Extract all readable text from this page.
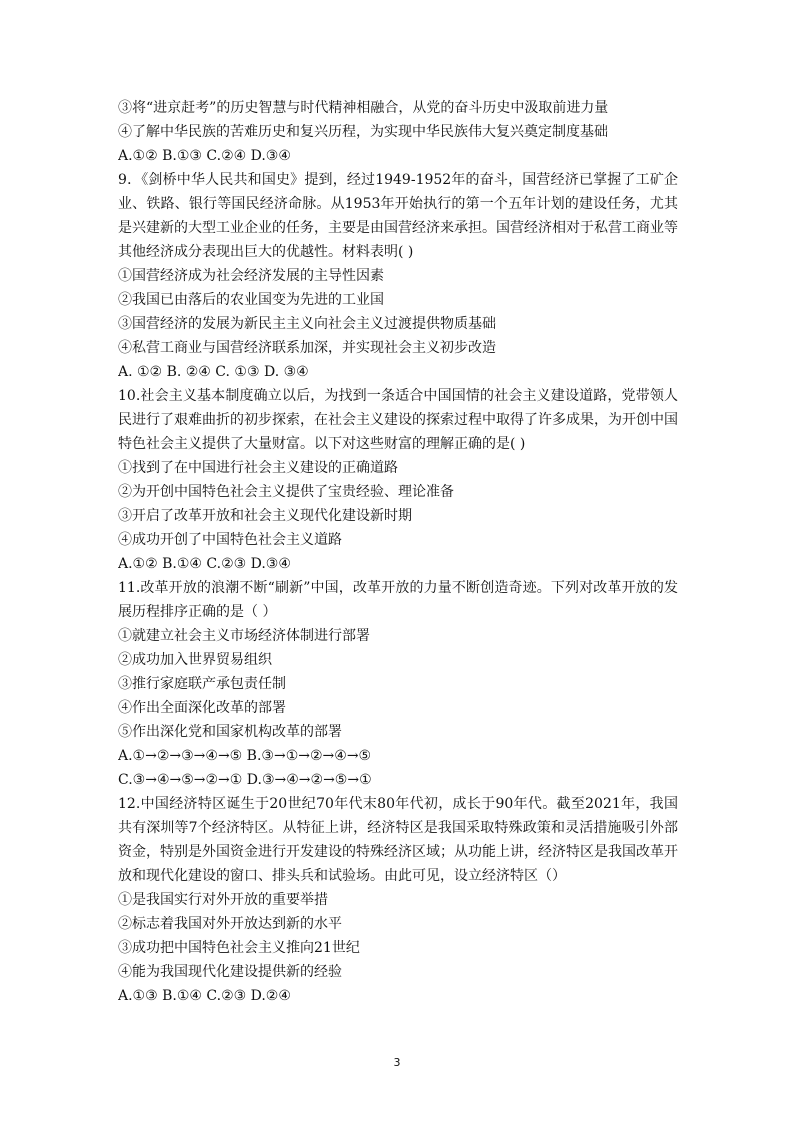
③将“进京赶考”的历史智慧与时代精神相融合，从党的奋斗历史中汲取前进力量
④了解中华民族的苦难历史和复兴历程，为实现中华民族伟大复兴奠定制度基础
A.①② B.①③ C.②④ D.③④
9．《剑桥中华人民共和国史》提到，经过1949-1952年的奋斗，国营经济已掌握了工矿企业、铁路、银行等国民经济命脉。从1953年开始执行的第一个五年计划的建设任务，尤其是兴建新的大型工业企业的任务，主要是由国营经济来承担。国营经济相对于私营工商业等其他经济成分表现出巨大的优越性。材料表明( )
①国营经济成为社会经济发展的主导性因素
②我国已由落后的农业国变为先进的工业国
③国营经济的发展为新民主主义向社会主义过渡提供物质基础
④私营工商业与国营经济联系加深，并实现社会主义初步改造
A. ①② B. ②④ C. ①③ D. ③④
10.社会主义基本制度确立以后，为找到一条适合中国国情的社会主义建设道路，党带领人民进行了艰难曲折的初步探索，在社会主义建设的探索过程中取得了许多成果，为开创中国特色社会主义提供了大量财富。以下对这些财富的理解正确的是( )
①找到了在中国进行社会主义建设的正确道路
②为开创中国特色社会主义提供了宝贵经验、理论准备
③开启了改革开放和社会主义现代化建设新时期
④成功开创了中国特色社会主义道路
A.①② B.①④ C.②③ D.③④
11.改革开放的浪潮不断“刷新”中国，改革开放的力量不断创造奇迹。下列对改革开放的发展历程排序正确的是（ ）
①就建立社会主义市场经济体制进行部署
②成功加入世界贸易组织
③推行家庭联产承包责任制
④作出全面深化改革的部署
⑤作出深化党和国家机构改革的部署
A.①→②→③→④→⑤ B.③→①→②→④→⑤
C.③→④→⑤→②→① D.③→④→②→⑤→①
12.中国经济特区诞生于20世纪70年代末80年代初，成长于90年代。截至2021年，我国共有深圳等7个经济特区。从特征上讲，经济特区是我国采取特殊政策和灵活措施吸引外部资金，特别是外国资金进行开发建设的特殊经济区域；从功能上讲，经济特区是我国改革开放和现代化建设的窗口、排头兵和试验场。由此可见，设立经济特区（）
①是我国实行对外开放的重要举措
②标志着我国对外开放达到新的水平
③成功把中国特色社会主义推向21世纪
④能为我国现代化建设提供新的经验
A.①③ B.①④ C.②③ D.②④
3
